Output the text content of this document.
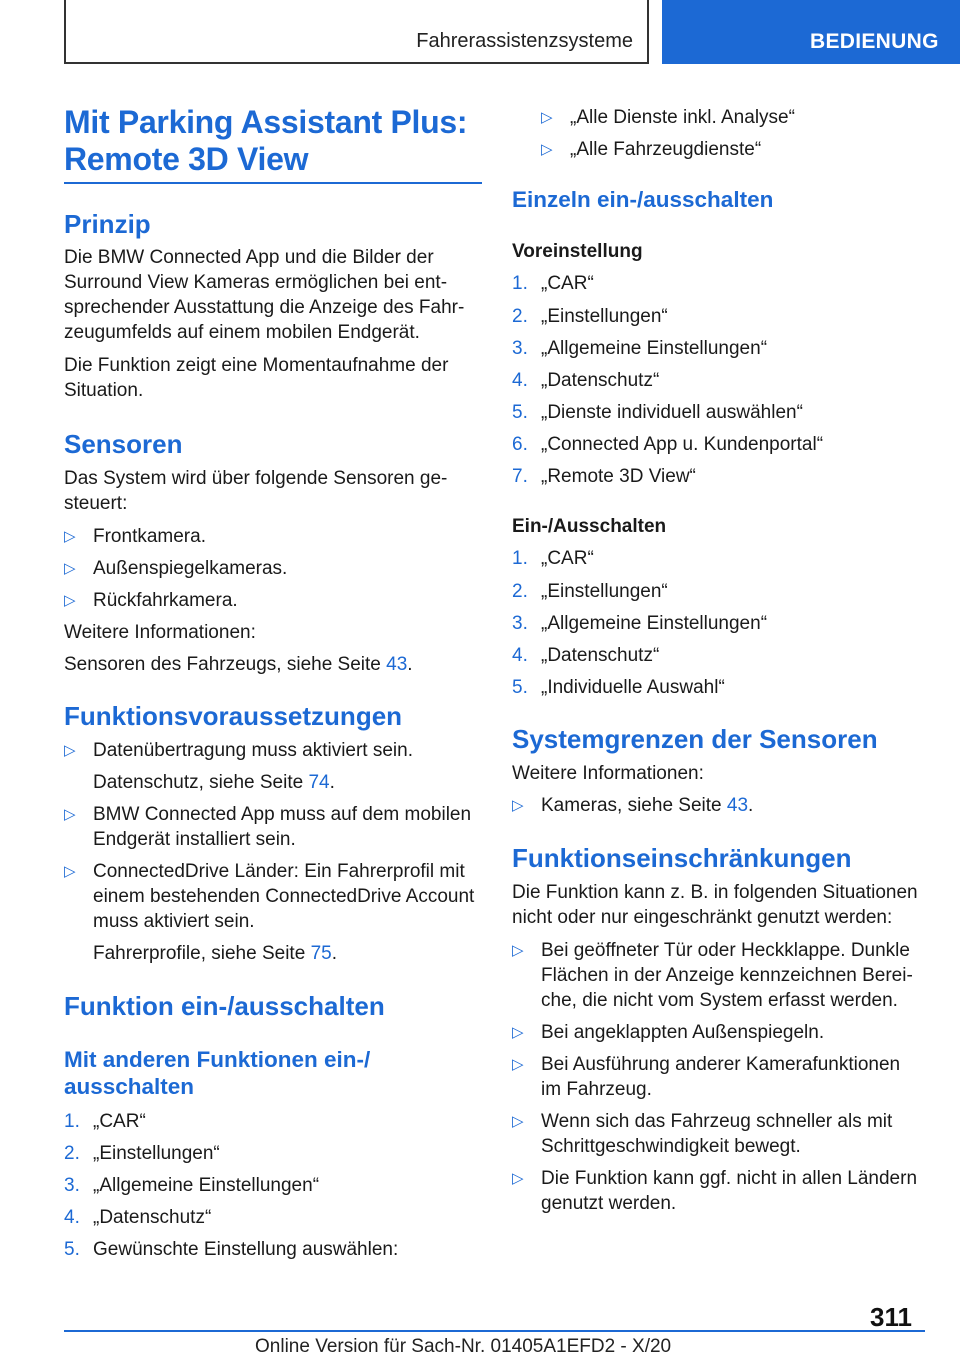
Fahrerassistenzsysteme	BEDIENUNG
Mit Parking Assistant Plus:
Remote 3D View
Prinzip
Die BMW Connected App und die Bilder der Surround View Kameras ermöglichen bei entsprechender Ausstattung die Anzeige des Fahrzeugumfelds auf einem mobilen Endgerät.
Die Funktion zeigt eine Momentaufnahme der Situation.
Sensoren
Das System wird über folgende Sensoren gesteuert:
▷ Frontkamera.
▷ Außenspiegelkameras.
▷ Rückfahrkamera.
Weitere Informationen:
Sensoren des Fahrzeugs, siehe Seite 43.
Funktionsvoraussetzungen
▷ Datenübertragung muss aktiviert sein.
Datenschutz, siehe Seite 74.
▷ BMW Connected App muss auf dem mobilen Endgerät installiert sein.
▷ ConnectedDrive Länder: Ein Fahrerprofil mit einem bestehenden ConnectedDrive Account muss aktiviert sein.
Fahrerprofile, siehe Seite 75.
Funktion ein-/ausschalten
Mit anderen Funktionen ein-/ ausschalten
1. „CAR“
2. „Einstellungen“
3. „Allgemeine Einstellungen“
4. „Datenschutz“
5. Gewünschte Einstellung auswählen:
▷ „Alle Dienste inkl. Analyse“
▷ „Alle Fahrzeugdienste“
Einzeln ein-/ausschalten
Voreinstellung
1. „CAR“
2. „Einstellungen“
3. „Allgemeine Einstellungen“
4. „Datenschutz“
5. „Dienste individuell auswählen“
6. „Connected App u. Kundenportal“
7. „Remote 3D View“
Ein-/Ausschalten
1. „CAR“
2. „Einstellungen“
3. „Allgemeine Einstellungen“
4. „Datenschutz“
5. „Individuelle Auswahl“
Systemgrenzen der Sensoren
Weitere Informationen:
▷ Kameras, siehe Seite 43.
Funktionseinschränkungen
Die Funktion kann z. B. in folgenden Situationen nicht oder nur eingeschränkt genutzt werden:
▷ Bei geöffneter Tür oder Heckklappe. Dunkle Flächen in der Anzeige kennzeichnen Bereiche, die nicht vom System erfasst werden.
▷ Bei angeklappten Außenspiegeln.
▷ Bei Ausführung anderer Kamerafunktionen im Fahrzeug.
▷ Wenn sich das Fahrzeug schneller als mit Schrittgeschwindigkeit bewegt.
▷ Die Funktion kann ggf. nicht in allen Ländern genutzt werden.
311
Online Version für Sach-Nr. 01405A1EFD2 - X/20
